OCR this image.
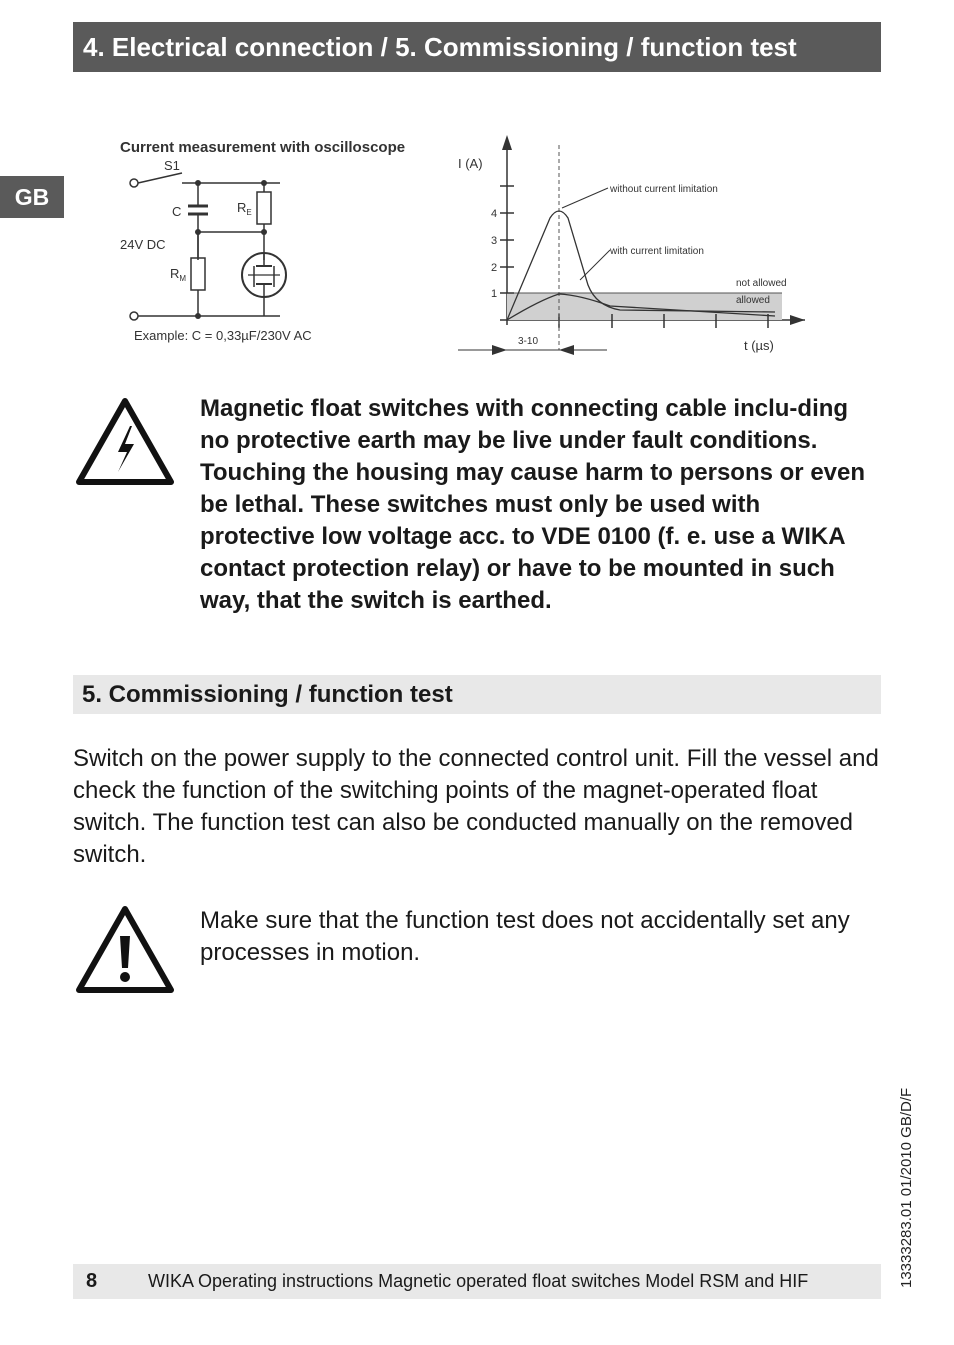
4. Electrical connection / 5. Commissioning / function test
GB
Current measurement with oscilloscope
S1
C	$R_E$
$R_M$
24V DC
Example: C = 0,33µF/230V AC
I (A)
4
3
2
1
without current limitation
with current limitation
not allowed
allowed
3-10	t (µs)
Magnetic float switches with connecting cable inclu-ding no protective earth may be live under fault conditions. Touching the housing may cause harm to persons or even be lethal. These switches must only be used with protective low voltage acc. to VDE 0100 (f. e. use a WIKA contact protection relay) or have to be mounted in such way, that the switch is earthed.
5. Commissioning / function test
Switch on the power supply to the connected control unit. Fill the vessel and check the function of the switching points of the magnet-operated float switch. The function test can also be conducted manually on the removed switch.
Make sure that the function test does not accidentally set any processes in motion.
13333283.01 01/2010 GB/D/F
8	WIKA Operating instructions Magnetic operated float switches Model RSM and HIF
